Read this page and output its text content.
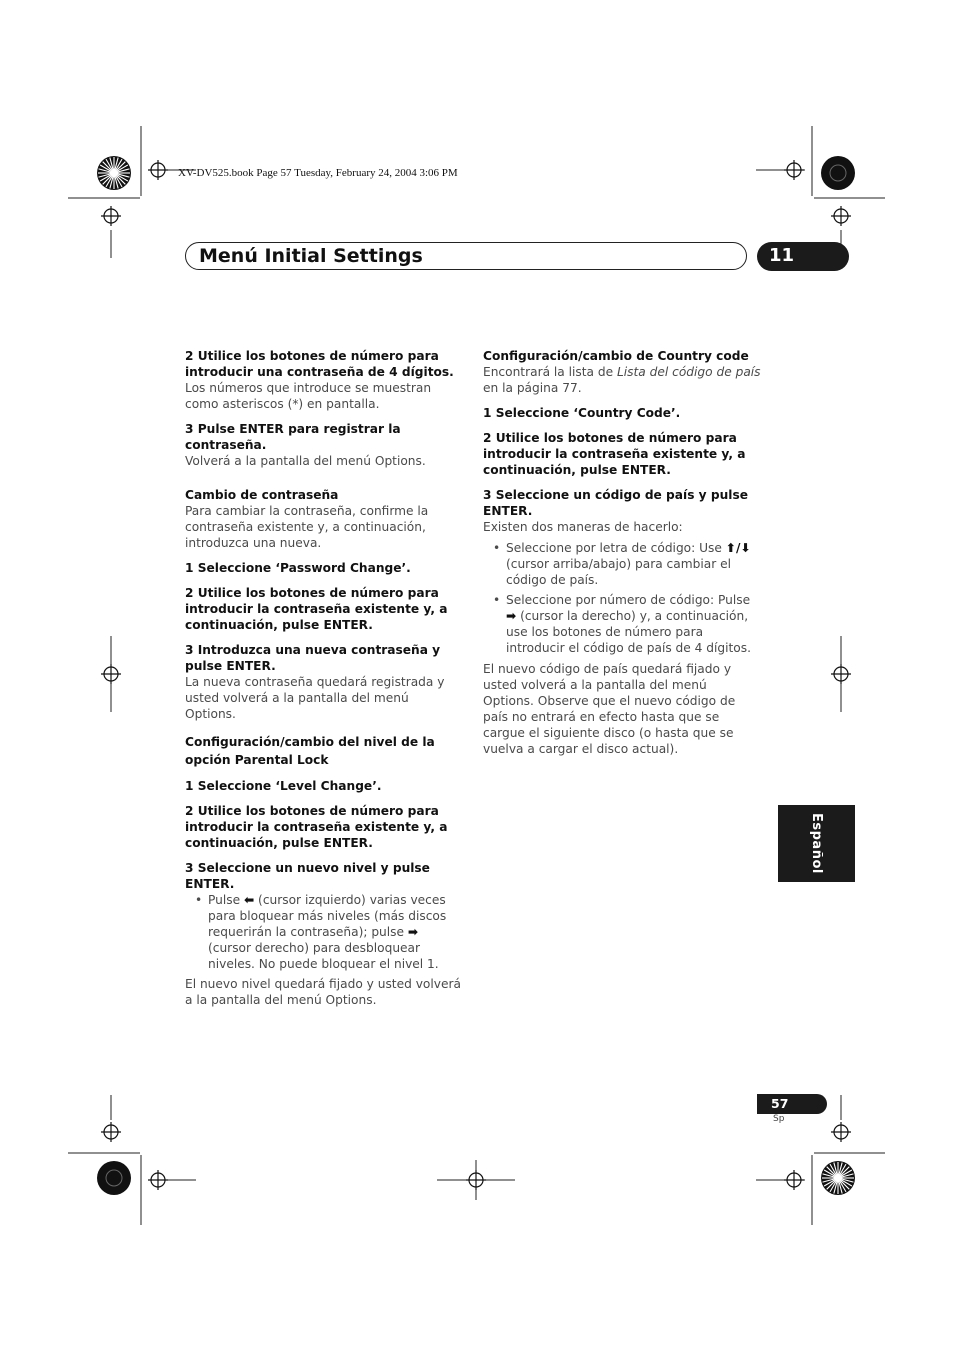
XV-DV525.book Page 57 Tuesday, February 24, 2004 3:06 PM
Menú Initial Settings	11

2 Utilice los botones de número para introducir una contraseña de 4 dígitos.

Los números que introduce se muestran como asteriscos (*) en pantalla.

3 Pulse ENTER para registrar la contraseña.

Volverá a la pantalla del menú Options.

Cambio de contraseña

Para cambiar la contraseña, confirme la contraseña existente y, a continuación, introduzca una nueva.

1 Seleccione ‘Password Change’.

2 Utilice los botones de número para introducir la contraseña existente y, a continuación, pulse ENTER.

3 Introduzca una nueva contraseña y pulse ENTER.

La nueva contraseña quedará registrada y usted volverá a la pantalla del menú Options.

Configuración/cambio del nivel de la opción Parental Lock

1 Seleccione ‘Level Change’.

2 Utilice los botones de número para introducir la contraseña existente y, a continuación, pulse ENTER.

3 Seleccione un nuevo nivel y pulse ENTER.

• Pulse ⬅ (cursor izquierdo) varias veces para bloquear más niveles (más discos requerirán la contraseña); pulse ➡ (cursor derecho) para desbloquear niveles. No puede bloquear el nivel 1.

El nuevo nivel quedará fijado y usted volverá a la pantalla del menú Options.

Configuración/cambio de Country code

Encontrará la lista de Lista del código de país en la página 77.

1 Seleccione ‘Country Code’.

2 Utilice los botones de número para introducir la contraseña existente y, a continuación, pulse ENTER.

3 Seleccione un código de país y pulse ENTER.

Existen dos maneras de hacerlo:

• Seleccione por letra de código: Use ⬆/⬇ (cursor arriba/abajo) para cambiar el código de país.

• Seleccione por número de código: Pulse ➡ (cursor la derecho) y, a continuación, use los botones de número para introducir el código de país de 4 dígitos.

El nuevo código de país quedará fijado y usted volverá a la pantalla del menú Options. Observe que el nuevo código de país no entrará en efecto hasta que se cargue el siguiente disco (o hasta que se vuelva a cargar el disco actual).

Español
57
Sp
